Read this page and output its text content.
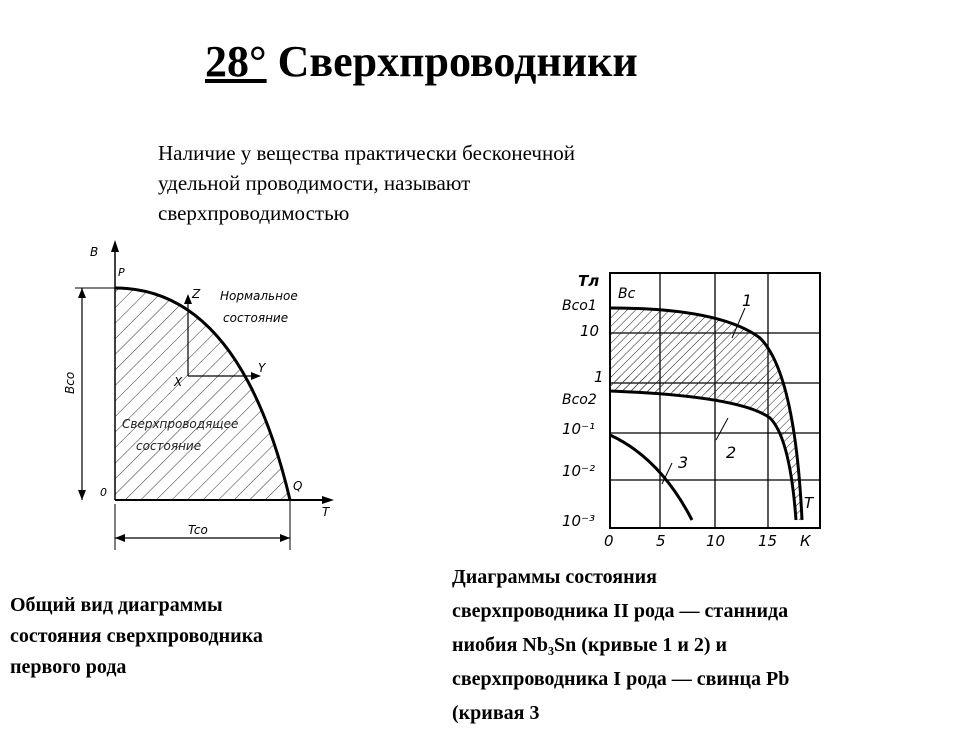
28° Сверхпроводники
Наличие у вещества практически бесконечной
удельной проводимости, называют
сверхпроводимостью
B
P
0	Q
T
Z
X
Y
Bco
Tco
Нормальное
состояние
Сверхпроводящее
состояние
Тл
Bc
Bco1
10
1
Bco2
10⁻¹
10⁻²
10⁻³
0	5	10 15 К
T
1
2
3
Общий вид диаграммы
состояния сверхпроводника
первого рода
Диаграммы состояния
сверхпроводника II рода — станнида
ниобия Nb₃Sn (кривые 1 и 2) и
сверхпроводника I рода — свинца Рb
(кривая 3
